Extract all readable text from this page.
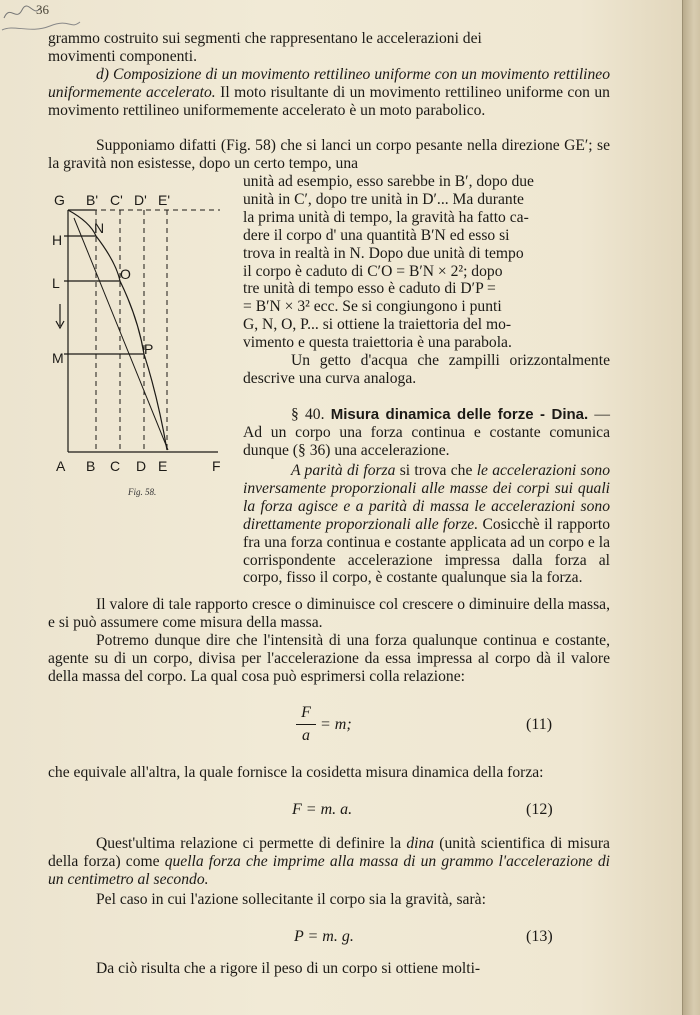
36

grammo costruito sui segmenti che rappresentano le accelerazioni dei

movimenti componenti.

d) Composizione di un movimento rettilineo uniforme con un movimento rettilineo uniformemente accelerato. Il moto risultante di un movimento rettilineo uniforme con un movimento rettilineo uniformemente accelerato è un moto parabolico.

Supponiamo difatti (Fig. 58) che si lanci un corpo pesante nella direzione GE′; se la gravità non esistesse, dopo un certo tempo, una

unità ad esempio, esso sarebbe in B′, dopo due

unità in C′, dopo tre unità in D′... Ma durante

la prima unità di tempo, la gravità ha fatto ca-

dere il corpo d' una quantità B′N ed esso si

trova in realtà in N. Dopo due unità di tempo

il corpo è caduto di C′O = B′N × 2²; dopo

tre unità di tempo esso è caduto di D′P =

= B′N × 3² ecc. Se si congiungono i punti

G, N, O, P... si ottiene la traiettoria del mo-

vimento e questa traiettoria è una parabola.

Un getto d'acqua che zampilli orizzontalmente descrive una curva analoga.

§ 40. Misura dinamica delle forze - Dina. — Ad un corpo una forza continua e costante comunica dunque (§ 36) una accelerazione.

A parità di forza si trova che le accelerazioni sono inversamente proporzionali alle masse dei corpi sui quali la forza agisce e a parità di massa le accelerazioni sono direttamente proporzionali alle forze. Cosicchè il rapporto fra una forza continua e costante applicata ad un corpo e la corrispondente accelerazione impressa dalla forza al corpo, fisso il corpo, è costante qualunque sia la forza.

G B' C' D' E'
H
L
M
N
O
P
A B C D E	F
Fig. 58.

Il valore di tale rapporto cresce o diminuisce col crescere o diminuire della massa, e si può assumere come misura della massa.

Potremo dunque dire che l'intensità di una forza qualunque continua e costante, agente su di un corpo, divisa per l'accelerazione da essa impressa al corpo dà il valore della massa del corpo. La qual cosa può esprimersi colla relazione:

F
a
= m;	(11)

che equivale all'altra, la quale fornisce la cosidetta misura dinamica della forza:

F = m. a.	(12)

Quest'ultima relazione ci permette di definire la dina (unità scientifica di misura della forza) come quella forza che imprime alla massa di un grammo l'accelerazione di un centimetro al secondo.

Pel caso in cui l'azione sollecitante il corpo sia la gravità, sarà:

P = m. g.	(13)

Da ciò risulta che a rigore il peso di un corpo si ottiene molti-
